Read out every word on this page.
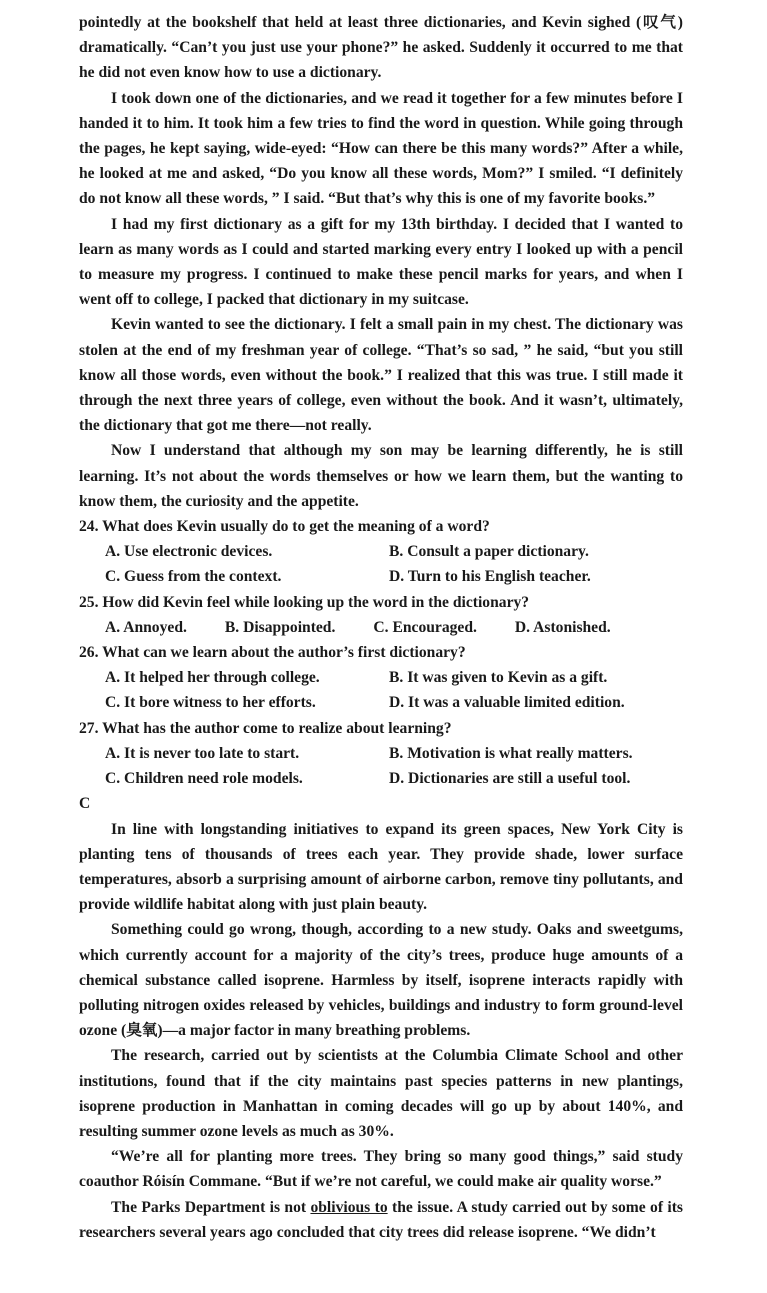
pointedly at the bookshelf that held at least three dictionaries, and Kevin sighed (叹气) dramatically. “Can’t you just use your phone?” he asked. Suddenly it occurred to me that he did not even know how to use a dictionary.

I took down one of the dictionaries, and we read it together for a few minutes before I handed it to him. It took him a few tries to find the word in question. While going through the pages, he kept saying, wide-eyed: “How can there be this many words?” After a while, he looked at me and asked, “Do you know all these words, Mom?” I smiled. “I definitely do not know all these words, ” I said. “But that’s why this is one of my favorite books.”

I had my first dictionary as a gift for my 13th birthday. I decided that I wanted to learn as many words as I could and started marking every entry I looked up with a pencil to measure my progress. I continued to make these pencil marks for years, and when I went off to college, I packed that dictionary in my suitcase.

Kevin wanted to see the dictionary. I felt a small pain in my chest. The dictionary was stolen at the end of my freshman year of college. “That’s so sad, ” he said, “but you still know all those words, even without the book.” I realized that this was true. I still made it through the next three years of college, even without the book. And it wasn’t, ultimately, the dictionary that got me there—not really.

Now I understand that although my son may be learning differently, he is still learning. It’s not about the words themselves or how we learn them, but the wanting to know them, the curiosity and the appetite.

24. What does Kevin usually do to get the meaning of a word?

A. Use electronic devices.	B. Consult a paper dictionary.
C. Guess from the context.	D. Turn to his English teacher.

25. How did Kevin feel while looking up the word in the dictionary?

A. Annoyed. B. Disappointed. C. Encouraged. D. Astonished.

26. What can we learn about the author’s first dictionary?

A. It helped her through college.	B. It was given to Kevin as a gift.
C. It bore witness to her efforts.	D. It was a valuable limited edition.

27. What has the author come to realize about learning?

A. It is never too late to start.	B. Motivation is what really matters.
C. Children need role models.	D. Dictionaries are still a useful tool.

C

In line with longstanding initiatives to expand its green spaces, New York City is planting tens of thousands of trees each year. They provide shade, lower surface temperatures, absorb a surprising amount of airborne carbon, remove tiny pollutants, and provide wildlife habitat along with just plain beauty.

Something could go wrong, though, according to a new study. Oaks and sweetgums, which currently account for a majority of the city’s trees, produce huge amounts of a chemical substance called isoprene. Harmless by itself, isoprene interacts rapidly with polluting nitrogen oxides released by vehicles, buildings and industry to form ground-level ozone (臭氧)—a major factor in many breathing problems.

The research, carried out by scientists at the Columbia Climate School and other institutions, found that if the city maintains past species patterns in new plantings, isoprene production in Manhattan in coming decades will go up by about 140%, and resulting summer ozone levels as much as 30%.

“We’re all for planting more trees. They bring so many good things,” said study coauthor Róisín Commane. “But if we’re not careful, we could make air quality worse.”

The Parks Department is not oblivious to the issue. A study carried out by some of its researchers several years ago concluded that city trees did release isoprene. “We didn’t
